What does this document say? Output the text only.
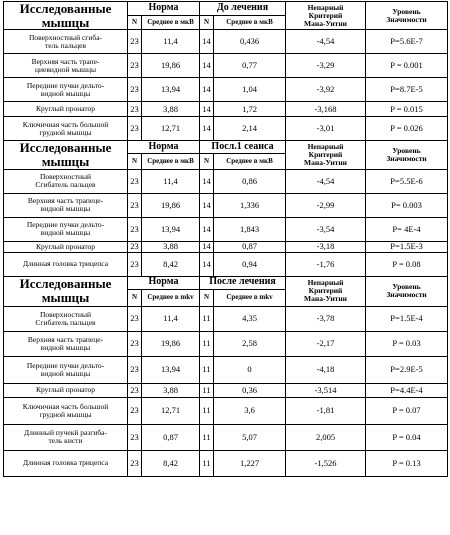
Исследованные
мышцы	Норма		До лечения		Непарный
Критерий
Мана-Уитни	Уровень
Значимости
	N	Среднее в мкВ	N	Среднее в мкВ		
Поверхностный сгиба-
тель пальцев	23	11,4	14	0,436	-4,54	P=5.6E-7
Верхняя часть трапе-
циевидной мышцы	23	19,86	14	0,77	-3,29	P = 0.001
Передние пучки дельто-
видной мышцы	23	13,94	14	1,04	-3,92	P=8.7E-5
Круглый пронатор	23	3,88	14	1,72	-3,168	P = 0.015
Ключичная часть большой
грудной мышцы	23	12,71	14	2,14	-3,01	P = 0.026
Исследованные
мышцы	Норма		Посл.1 сеанса		Непарный
Критерий
Мана-Уитни	Уровень
Значимости
	N	Среднее в мкВ	N	Среднее в мкВ		
Поверхностный
Сгибатель пальцев	23	11,4	14	0,86	-4,54	P=5.5E-6
Верхняя часть трапеце-
видной мышцы	23	19,86	14	1,336	-2,99	P= 0.003
Передние пучки дельто-
видной мышцы	23	13,94	14	1,843	-3,54	P= 4E-4
Круглый пронатор	23	3,88	14	0,87	-3,18	P=1.5E-3
Длинная головка трицепса	23	8,42	14	0,94	-1,76	P = 0.08
Исследованные
мышцы	Норма		После лечения		Непарный
Критерий
Мана-Уитни	Уровень
Значимости
	N	Среднее в mkv	N	Среднее в mkv		
Поверхностный
Сгибатель пальцев	23	11,4	11	4,35	-3,78	P=1.5E-4
Верхняя часть трапеце-
видной мышцы	23	19,86	11	2,58	-2,17	P = 0.03
Передние пучки дельто-
видной мышцы	23	13,94	11	0	-4,18	P=2.9E-5
Круглый пронатор	23	3,88	11	0,36	-3,514	P=4.4E-4
Ключичная часть большой
грудной мышцы	23	12,71	11	3,6	-1,81	P = 0.07
Длинный пучекй разгиба-
тель кисти	23	0,87	11	5,07	2,005	P = 0.04
Длинная головка трицепса	23	8,42	11	1,227	-1,526	P = 0.13
